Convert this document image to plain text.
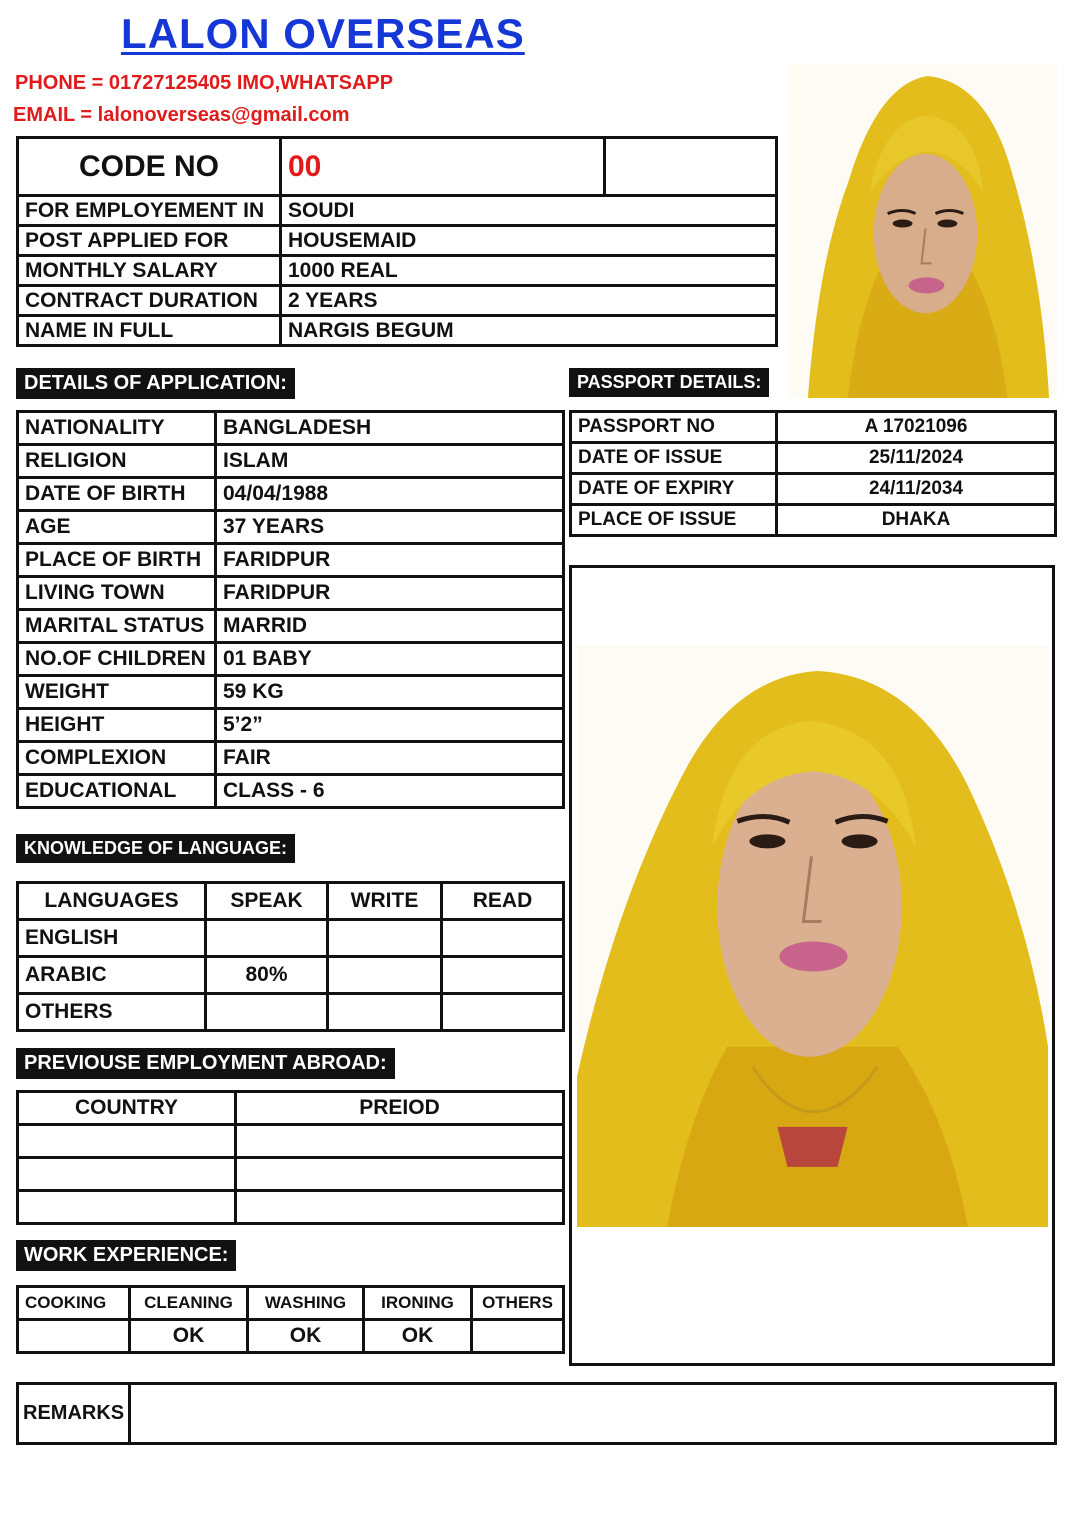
LALON OVERSEAS
PHONE = 01727125405 IMO,WHATSAPP
EMAIL = lalonoverseas@gmail.com
CODE NO	00	
FOR EMPLOYEMENT IN	SOUDI	
POST APPLIED FOR	HOUSEMAID	
MONTHLY SALARY	1000 REAL	
CONTRACT DURATION	2 YEARS	
NAME IN FULL	NARGIS BEGUM	
DETAILS OF APPLICATION:
NATIONALITY	BANGLADESH
RELIGION	ISLAM
DATE OF BIRTH	04/04/1988
AGE	37 YEARS
PLACE OF BIRTH	FARIDPUR
LIVING TOWN	FARIDPUR
MARITAL STATUS	MARRID
NO.OF CHILDREN	01 BABY
WEIGHT	59 KG
HEIGHT	5’2”
COMPLEXION	FAIR
EDUCATIONAL	CLASS - 6
PASSPORT DETAILS:
PASSPORT NO	A 17021096
DATE OF ISSUE	25/11/2024
DATE OF EXPIRY	24/11/2034
PLACE OF ISSUE	DHAKA
KNOWLEDGE OF LANGUAGE:
LANGUAGES	SPEAK	WRITE	READ
ENGLISH			
ARABIC	80%		
OTHERS			
PREVIOUSE EMPLOYMENT ABROAD:
COUNTRY	PREIOD

WORK EXPERIENCE:
COOKING	CLEANING	WASHING	IRONING	OTHERS
	OK	OK	OK	
REMARKS	
